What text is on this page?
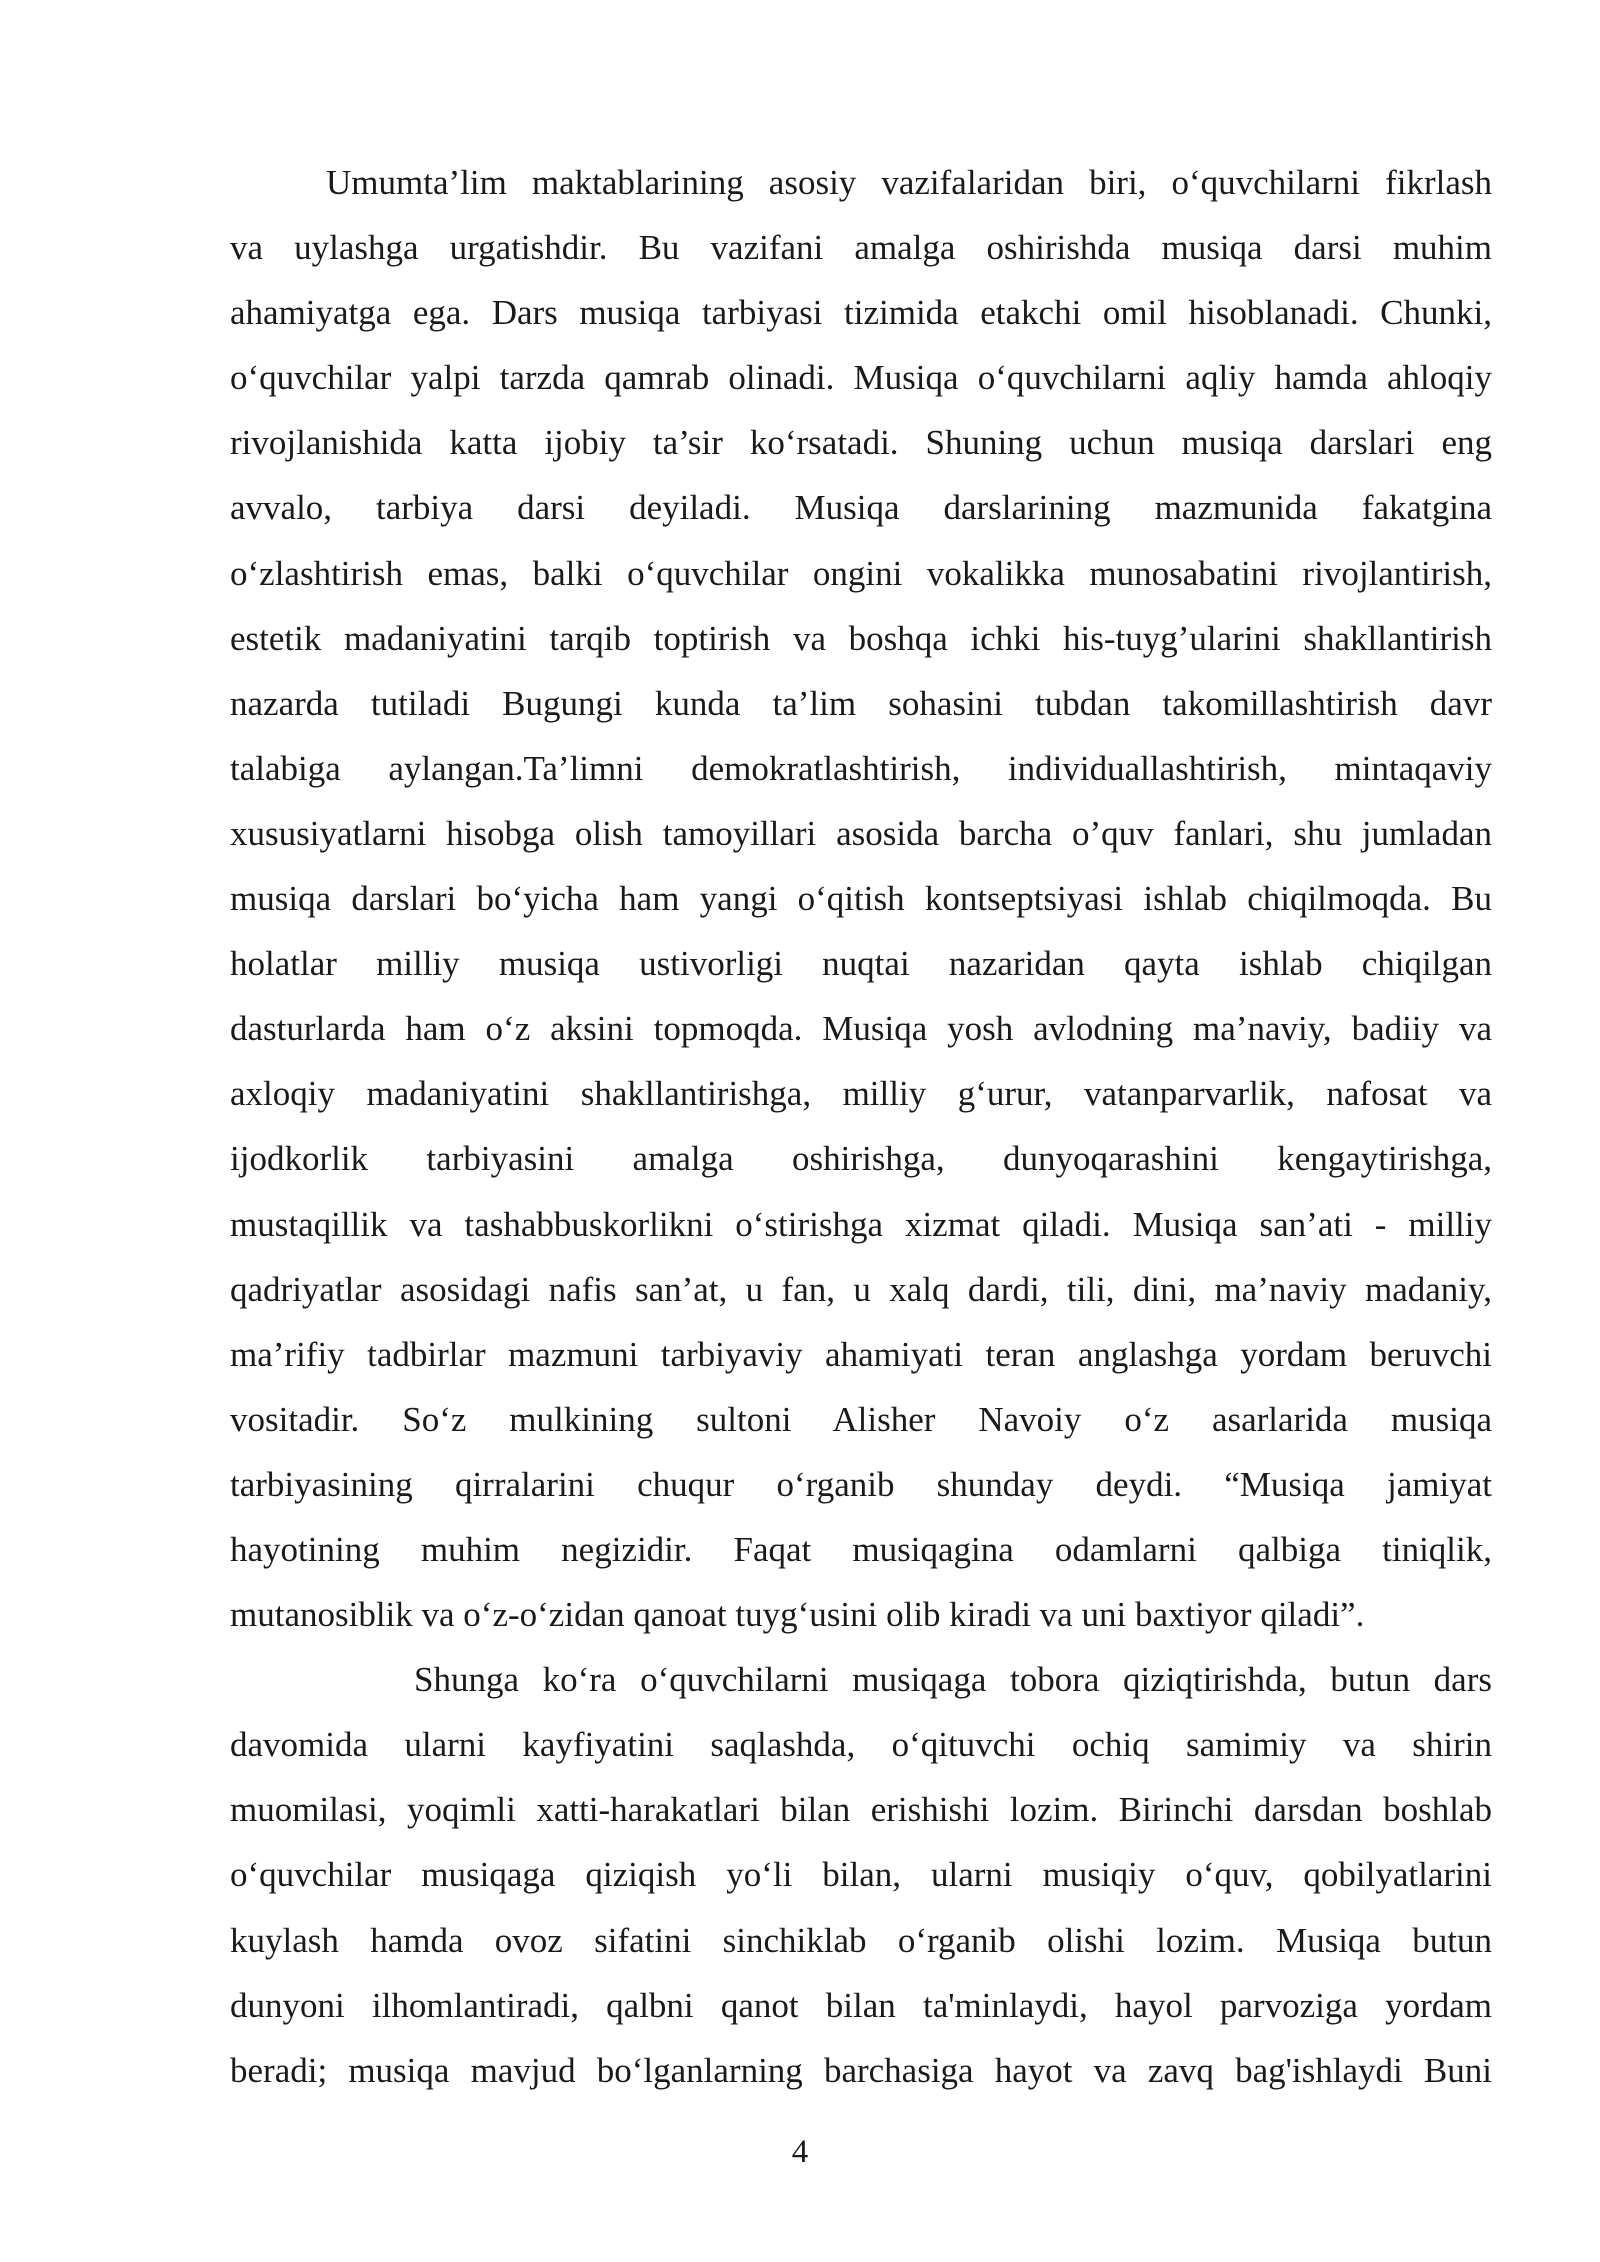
Umumta’lim maktablarining asosiy vazifalaridan biri, o‘quvchilarni fikrlash
va uylashga urgatishdir. Bu vazifani amalga oshirishda musiqa darsi muhim
ahamiyatga ega. Dars musiqa tarbiyasi tizimida etakchi omil hisoblanadi. Chunki,
o‘quvchilar yalpi tarzda qamrab olinadi. Musiqa o‘quvchilarni aqliy hamda ahloqiy
rivojlanishida katta ijobiy ta’sir ko‘rsatadi. Shuning uchun musiqa darslari eng
avvalo, tarbiya darsi deyiladi. Musiqa darslarining mazmunida fakatgina
o‘zlashtirish emas, balki o‘quvchilar ongini vokalikka munosabatini rivojlantirish,
estetik madaniyatini tarqib toptirish va boshqa ichki his-tuyg’ularini shakllantirish
nazarda tutiladi Bugungi kunda ta’lim sohasini tubdan takomillashtirish davr
talabiga aylangan.Ta’limni demokratlashtirish, individuallashtirish, mintaqaviy
xususiyatlarni hisobga olish tamoyillari asosida barcha o’quv fanlari, shu jumladan
musiqa darslari bo‘yicha ham yangi o‘qitish kontseptsiyasi ishlab chiqilmoqda. Bu
holatlar milliy musiqa ustivorligi nuqtai nazaridan qayta ishlab chiqilgan
dasturlarda ham o‘z aksini topmoqda. Musiqa yosh avlodning ma’naviy, badiiy va
axloqiy madaniyatini shakllantirishga, milliy g‘urur, vatanparvarlik, nafosat va
ijodkorlik tarbiyasini amalga oshirishga, dunyoqarashini kengaytirishga,
mustaqillik va tashabbuskorlikni o‘stirishga xizmat qiladi. Musiqa san’ati - milliy
qadriyatlar asosidagi nafis san’at, u fan, u xalq dardi, tili, dini, ma’naviy madaniy,
ma’rifiy tadbirlar mazmuni tarbiyaviy ahamiyati teran anglashga yordam beruvchi
vositadir. So‘z mulkining sultoni Alisher Navoiy o‘z asarlarida musiqa
tarbiyasining qirralarini chuqur o‘rganib shunday deydi. “Musiqa jamiyat
hayotining muhim negizidir. Faqat musiqagina odamlarni qalbiga tiniqlik,
mutanosiblik va o‘z-o‘zidan qanoat tuyg‘usini olib kiradi va uni baxtiyor qiladi”.
Shunga ko‘ra o‘quvchilarni musiqaga tobora qiziqtirishda, butun dars
davomida ularni kayfiyatini saqlashda, o‘qituvchi ochiq samimiy va shirin
muomilasi, yoqimli xatti-harakatlari bilan erishishi lozim. Birinchi darsdan boshlab
o‘quvchilar musiqaga qiziqish yo‘li bilan, ularni musiqiy o‘quv, qobilyatlarini
kuylash hamda ovoz sifatini sinchiklab o‘rganib olishi lozim. Musiqa butun
dunyoni ilhomlantiradi, qalbni qanot bilan ta'minlaydi, hayol parvoziga yordam
beradi; musiqa mavjud bo‘lganlarning barchasiga hayot va zavq bag'ishlaydi Buni
4
